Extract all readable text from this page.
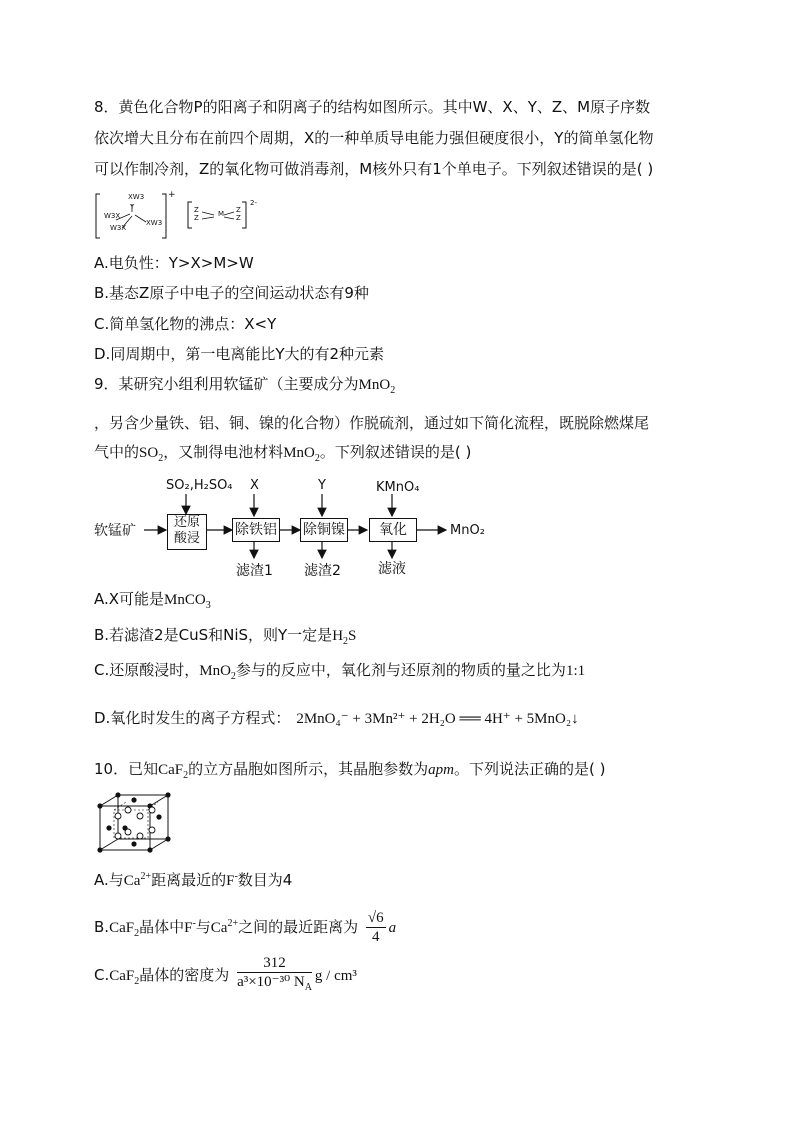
8．黄色化合物P的阳离子和阴离子的结构如图所示。其中W、X、Y、Z、M原子序数
依次增大且分布在前四个周期，X的一种单质导电能力强但硬度很小，Y的简单氢化物
可以作制冷剂，Z的氧化物可做消毒剂，M核外只有1个单电子。下列叙述错误的是( )
XW3
Y
W3X
W3X
XW3
+
Z
Z	M Z
Z
2-
A.电负性：Y>X>M>W
B.基态Z原子中电子的空间运动状态有9种
C.简单氢化物的沸点：X<Y
D.同周期中，第一电离能比Y大的有2种元素
9．某研究小组利用软锰矿（主要成分为MnO$_2$
，另含少量铁、铝、铜、镍的化合物）作脱硫剂，通过如下简化流程，既脱除燃煤尾
气中的$SO_2$，又制得电池材料MnO$_2$。下列叙述错误的是( )
软锰矿
还原
酸浸
除铁铝 除铜镍	氧化	MnO₂
SO₂,H₂SO₄ X	Y	KMnO₄
滤渣1 滤渣2	滤液
A.X可能是MnCO$_3$
B.若滤渣2是CuS和NiS，则Y一定是$H_2S$
C.还原酸浸时，MnO$_2$参与的反应中，氧化剂与还原剂的物质的量之比为1:1
D.氧化时发生的离子方程式： 2MnO₄⁻ + 3Mn²⁺ + 2H₂O ══ 4H⁺ + 5MnO₂↓
10．已知CaF$_2$的立方晶胞如图所示，其晶胞参数为apm。下列说法正确的是( )
A.与$Ca^{2+}$距离最近的F-数目为4
B.CaF$_2$晶体中F-与$Ca^{2+}$之间的最近距离为 $\frac{√6}{4}$ a
C.CaF$_2$晶体的密度为 $\frac{312}{a^3\times 10^{-30} N_A}$ g / cm³
